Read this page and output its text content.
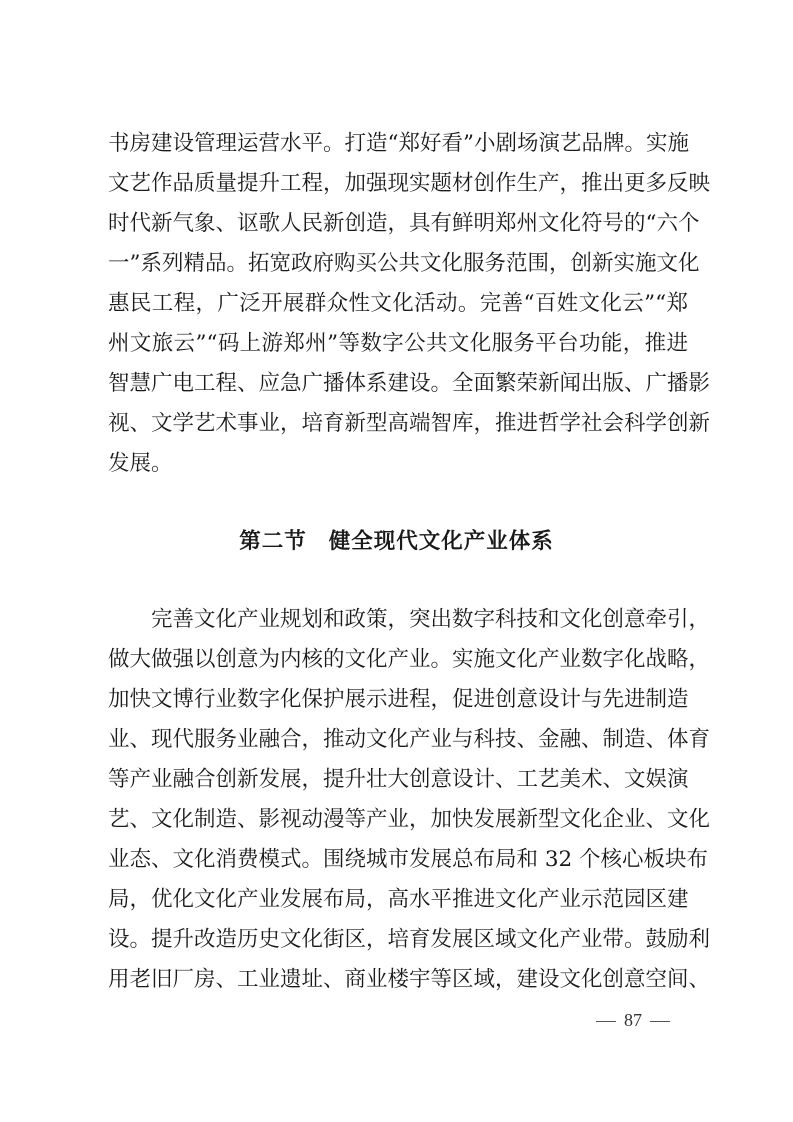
书房建设管理运营水平。打造“郑好看”小剧场演艺品牌。实施
文艺作品质量提升工程，加强现实题材创作生产，推出更多反映
时代新气象、讴歌人民新创造，具有鲜明郑州文化符号的“六个
一”系列精品。拓宽政府购买公共文化服务范围，创新实施文化
惠民工程，广泛开展群众性文化活动。完善“百姓文化云”“郑
州文旅云”“码上游郑州”等数字公共文化服务平台功能，推进
智慧广电工程、应急广播体系建设。全面繁荣新闻出版、广播影
视、文学艺术事业，培育新型高端智库，推进哲学社会科学创新
发展。
第二节 健全现代文化产业体系
完善文化产业规划和政策，突出数字科技和文化创意牵引，
做大做强以创意为内核的文化产业。实施文化产业数字化战略，
加快文博行业数字化保护展示进程，促进创意设计与先进制造
业、现代服务业融合，推动文化产业与科技、金融、制造、体育
等产业融合创新发展，提升壮大创意设计、工艺美术、文娱演
艺、文化制造、影视动漫等产业，加快发展新型文化企业、文化
业态、文化消费模式。围绕城市发展总布局和 32 个核心板块布
局，优化文化产业发展布局，高水平推进文化产业示范园区建
设。提升改造历史文化街区，培育发展区域文化产业带。鼓励利
用老旧厂房、工业遗址、商业楼宇等区域，建设文化创意空间、
87
